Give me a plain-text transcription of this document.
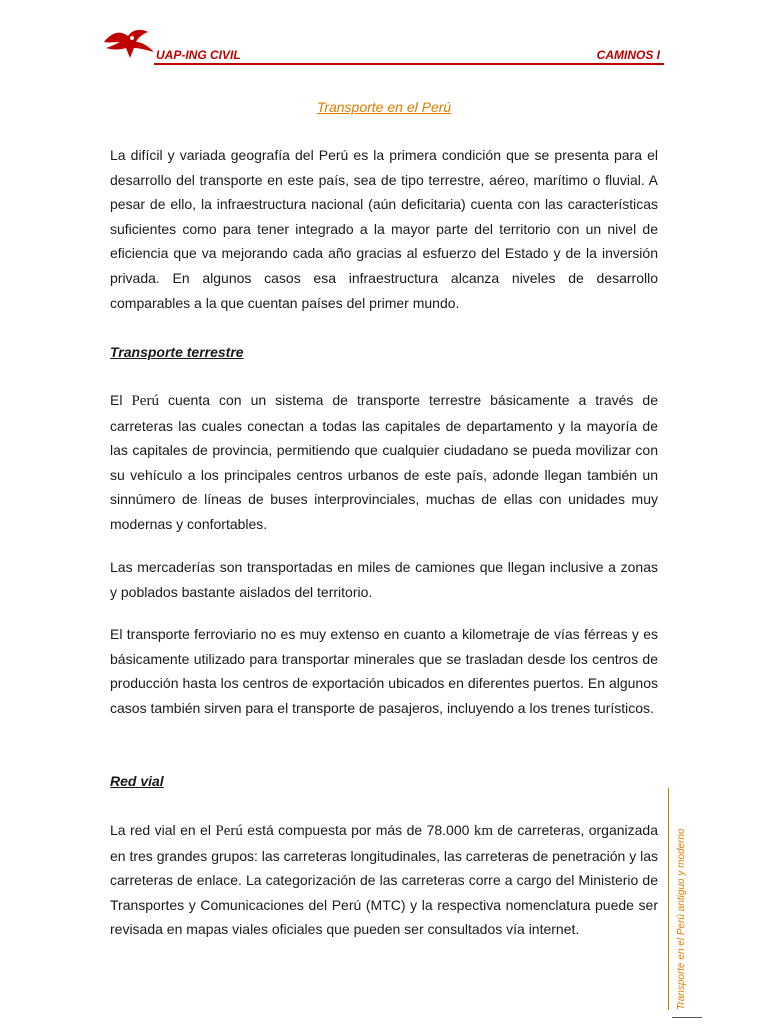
UAP-ING CIVIL	CAMINOS I
Transporte en el Perú

La difícil y variada geografía del Perú es la primera condición que se presenta para el desarrollo del transporte en este país, sea de tipo terrestre, aéreo, marítimo o fluvial. A pesar de ello, la infraestructura nacional (aún deficitaria) cuenta con las características suficientes como para tener integrado a la mayor parte del territorio con un nivel de eficiencia que va mejorando cada año gracias al esfuerzo del Estado y de la inversión privada. En algunos casos esa infraestructura alcanza niveles de desarrollo comparables a la que cuentan países del primer mundo.

Transporte terrestre

El Perú cuenta con un sistema de transporte terrestre básicamente a través de carreteras las cuales conectan a todas las capitales de departamento y la mayoría de las capitales de provincia, permitiendo que cualquier ciudadano se pueda movilizar con su vehículo a los principales centros urbanos de este país, adonde llegan también un sinnúmero de líneas de buses interprovinciales, muchas de ellas con unidades muy modernas y confortables.

Las mercaderías son transportadas en miles de camiones que llegan inclusive a zonas y poblados bastante aislados del territorio.

El transporte ferroviario no es muy extenso en cuanto a kilometraje de vías férreas y es básicamente utilizado para transportar minerales que se trasladan desde los centros de producción hasta los centros de exportación ubicados en diferentes puertos. En algunos casos también sirven para el transporte de pasajeros, incluyendo a los trenes turísticos.

Red vial

La red vial en el Perú está compuesta por más de 78.000 km de carreteras, organizada en tres grandes grupos: las carreteras longitudinales, las carreteras de penetración y las carreteras de enlace. La categorización de las carreteras corre a cargo del Ministerio de Transportes y Comunicaciones del Perú (MTC) y la respectiva nomenclatura puede ser revisada en mapas viales oficiales que pueden ser consultados vía internet.	Transporte en el Perú antiguo y moderno
